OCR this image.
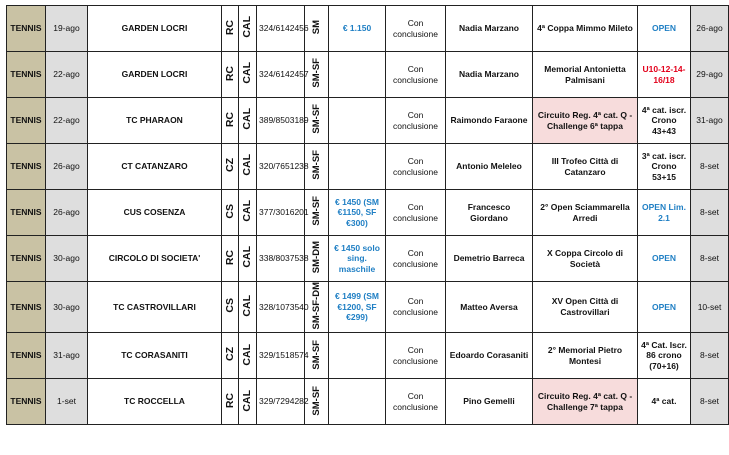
TENNIS	19-ago	GARDEN LOCRI	RC	CAL	324/6142456	SM	€ 1.150	Con conclusione	Nadia Marzano	4ª Coppa Mimmo Mileto	OPEN	26-ago
TENNIS	22-ago	GARDEN LOCRI	RC	CAL	324/6142457	SM-SF		Con conclusione	Nadia Marzano	Memorial Antonietta Palmisani	U10-12-14-16/18	29-ago
TENNIS	22-ago	TC PHARAON	RC	CAL	389/8503189	SM-SF		Con conclusione	Raimondo Faraone	Circuito Reg. 4ª cat. Q - Challenge 6ª tappa	4ª cat. iscr. Crono 43+43	31-ago
TENNIS	26-ago	CT CATANZARO	CZ	CAL	320/7651238	SM-SF		Con conclusione	Antonio Meleleo	III Trofeo Città di Catanzaro	3ª cat. iscr. Crono 53+15	8-set
TENNIS	26-ago	CUS COSENZA	CS	CAL	377/3016201	SM-SF	€ 1450 (SM €1150, SF €300)	Con conclusione	Francesco Giordano	2° Open Sciammarella Arredi	OPEN Lim. 2.1	8-set
TENNIS	30-ago	CIRCOLO DI SOCIETA'	RC	CAL	338/8037538	SM-DM	€ 1450 solo sing. maschile	Con conclusione	Demetrio Barreca	X Coppa Circolo di Società	OPEN	8-set
TENNIS	30-ago	TC CASTROVILLARI	CS	CAL	328/1073540	SM-SF-DM	€ 1499 (SM €1200, SF €299)	Con conclusione	Matteo Aversa	XV Open Città di Castrovillari	OPEN	10-set
TENNIS	31-ago	TC CORASANITI	CZ	CAL	329/1518574	SM-SF		Con conclusione	Edoardo Corasaniti	2° Memorial Pietro Montesi	4ª Cat. Iscr. 86 crono (70+16)	8-set
TENNIS	1-set	TC ROCCELLA	RC	CAL	329/7294282	SM-SF		Con conclusione	Pino Gemelli	Circuito Reg. 4ª cat. Q - Challenge 7ª tappa	4ª cat.	8-set
